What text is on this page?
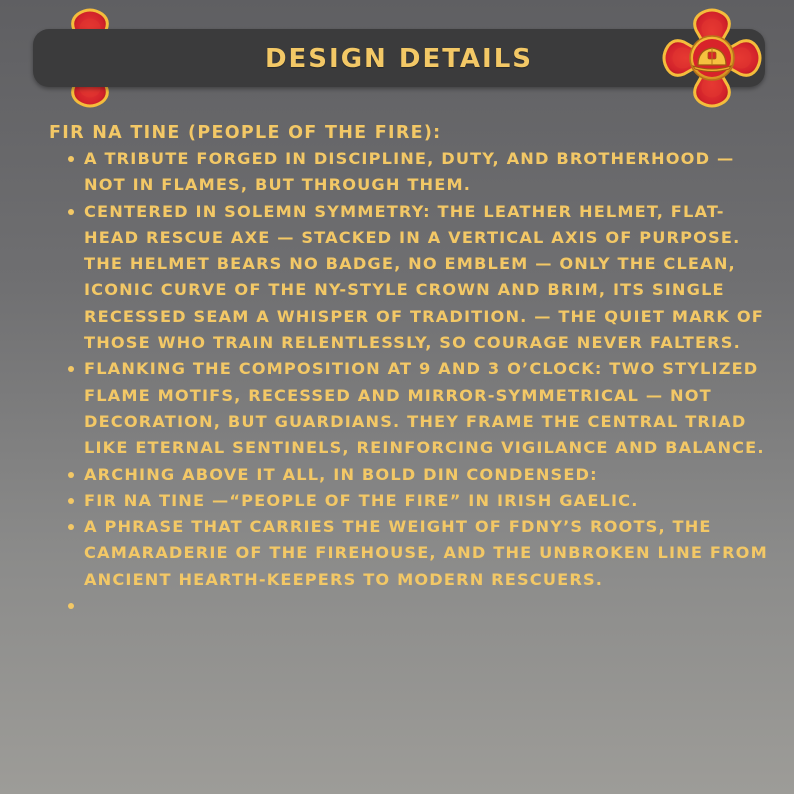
DESIGN DETAILS

FIR NA TINE (PEOPLE OF THE FIRE):

A TRIBUTE FORGED IN DISCIPLINE, DUTY, AND BROTHERHOOD — NOT IN FLAMES, BUT THROUGH THEM.
CENTERED IN SOLEMN SYMMETRY: THE LEATHER HELMET, FLAT-HEAD RESCUE AXE — STACKED IN A VERTICAL AXIS OF PURPOSE. THE HELMET BEARS NO BADGE, NO EMBLEM — ONLY THE CLEAN, ICONIC CURVE OF THE NY-STYLE CROWN AND BRIM, ITS SINGLE RECESSED SEAM A WHISPER OF TRADITION. — THE QUIET MARK OF THOSE WHO TRAIN RELENTLESSLY, SO COURAGE NEVER FALTERS.
FLANKING THE COMPOSITION AT 9 AND 3 O’CLOCK: TWO STYLIZED FLAME MOTIFS, RECESSED AND MIRROR-SYMMETRICAL — NOT DECORATION, BUT GUARDIANS. THEY FRAME THE CENTRAL TRIAD LIKE ETERNAL SENTINELS, REINFORCING VIGILANCE AND BALANCE.
ARCHING ABOVE IT ALL, IN BOLD DIN CONDENSED:
FIR NA TINE —“PEOPLE OF THE FIRE” IN IRISH GAELIC.
A PHRASE THAT CARRIES THE WEIGHT OF FDNY’S ROOTS, THE CAMARADERIE OF THE FIREHOUSE, AND THE UNBROKEN LINE FROM ANCIENT HEARTH-KEEPERS TO MODERN RESCUERS.
